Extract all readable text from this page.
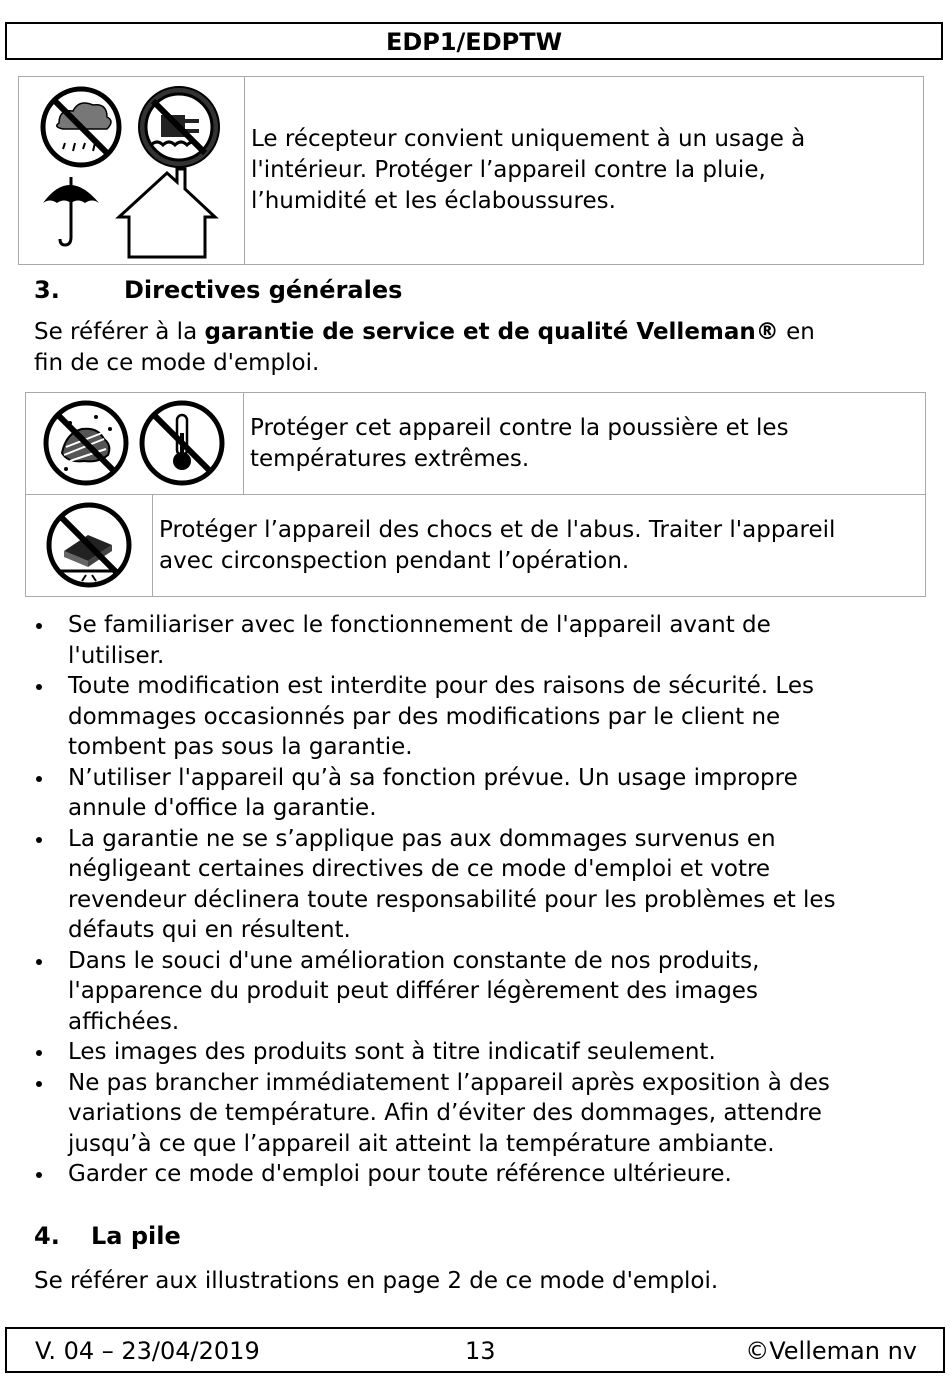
EDP1/EDPTW
Le récepteur convient uniquement à un usage à
l'intérieur. Protéger l’appareil contre la pluie,
l’humidité et les éclaboussures.
3.	Directives générales
Se référer à la garantie de service et de qualité Velleman® en
fin de ce mode d'emploi.
Protéger cet appareil contre la poussière et les
températures extrêmes.
Protéger l’appareil des chocs et de l'abus. Traiter l'appareil
avec circonspection pendant l’opération.
Se familiariser avec le fonctionnement de l'appareil avant de
l'utiliser.
Toute modification est interdite pour des raisons de sécurité. Les
dommages occasionnés par des modifications par le client ne
tombent pas sous la garantie.
N’utiliser l'appareil qu’à sa fonction prévue. Un usage impropre
annule d'office la garantie.
La garantie ne se s’applique pas aux dommages survenus en
négligeant certaines directives de ce mode d'emploi et votre
revendeur déclinera toute responsabilité pour les problèmes et les
défauts qui en résultent.
Dans le souci d'une amélioration constante de nos produits,
l'apparence du produit peut différer légèrement des images
affichées.
Les images des produits sont à titre indicatif seulement.
Ne pas brancher immédiatement l’appareil après exposition à des
variations de température. Afin d’éviter des dommages, attendre
jusqu’à ce que l’appareil ait atteint la température ambiante.
Garder ce mode d'emploi pour toute référence ultérieure.
4. La pile
Se référer aux illustrations en page 2 de ce mode d'emploi.
V. 04 – 23/04/2019	13	©Velleman nv
